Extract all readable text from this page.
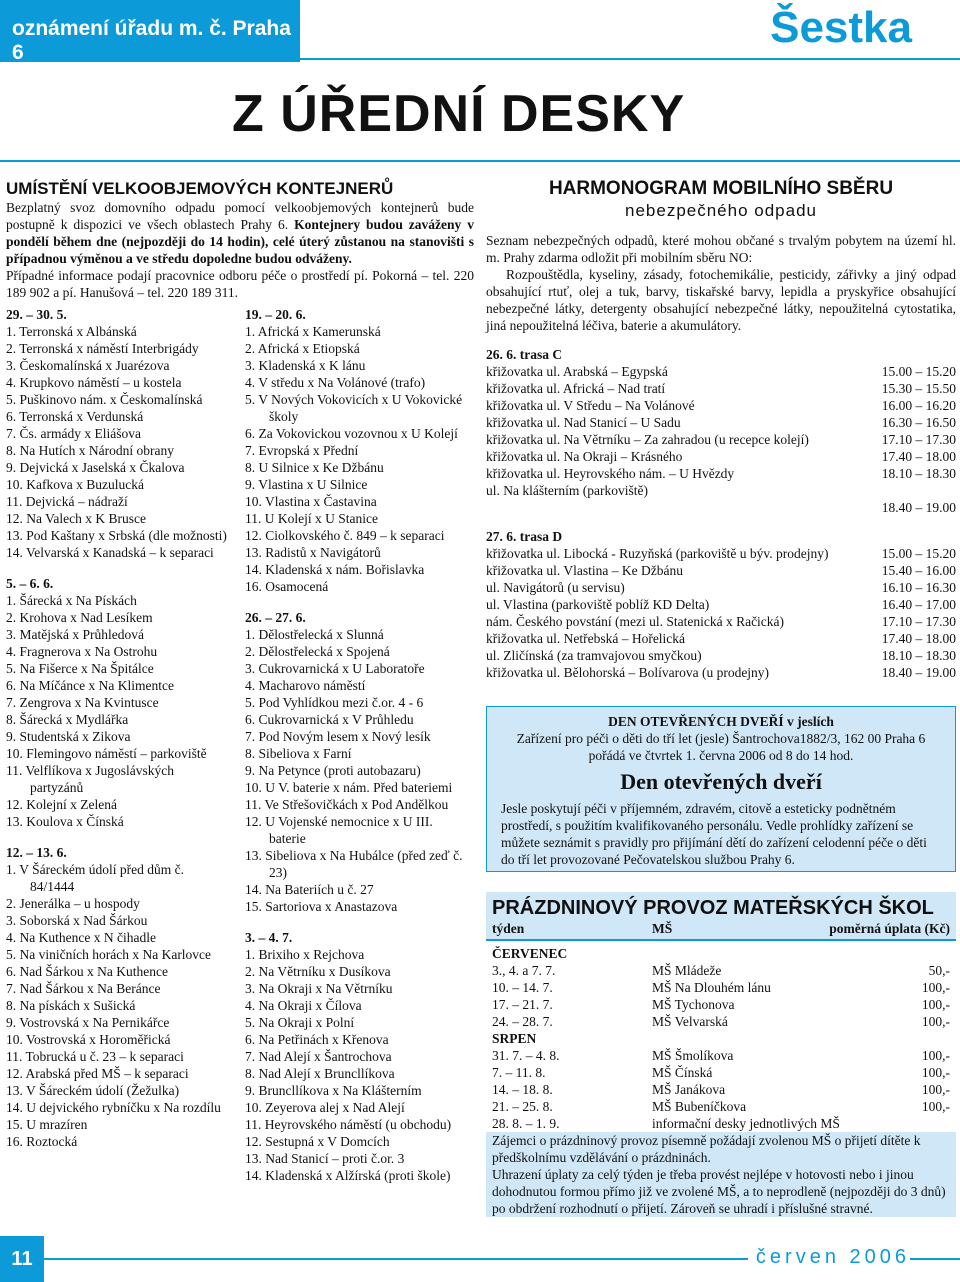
oznámení úřadu m. č. Praha 6
Šestka
Z ÚŘEDNÍ DESKY
UMÍSTĚNÍ VELKOOBJEMOVÝCH KONTEJNERŮ

Bezplatný svoz domovního odpadu pomocí velkoobjemových kontejnerů bude postupně k dispozici ve všech oblastech Prahy 6. Kontejnery budou zaváženy v pondělí během dne (nejpozději do 14 hodin), celé úterý zůstanou na stanovišti s případnou výměnou a ve středu dopoledne budou odváženy.

Případné informace podají pracovnice odboru péče o prostředí pí. Pokorná – tel. 220 189 902 a pí. Hanušová – tel. 220 189 311.

29. – 30. 5.
1. Terronská x Albánská
2. Terronská x náměstí Interbrigády
3. Českomalínská x Juarézova
4. Krupkovo náměstí – u kostela
5. Puškinovo nám. x Českomalínská
6. Terronská x Verdunská
7. Čs. armády x Eliášova
8. Na Hutích x Národní obrany
9. Dejvická x Jaselská x Čkalova
10. Kafkova x Buzulucká
11. Dejvická – nádraží
12. Na Valech x K Brusce
13. Pod Kaštany x Srbská (dle možnosti)
14. Velvarská x Kanadská – k separaci
5. – 6. 6.
1. Šárecká x Na Pískách
2. Krohova x Nad Lesíkem
3. Matějská x Průhledová
4. Fragnerova x Na Ostrohu
5. Na Fišerce x Na Špitálce
6. Na Míčánce x Na Klimentce
7. Zengrova x Na Kvintusce
8. Šárecká x Mydlářka
9. Studentská x Zikova
10. Flemingovo náměstí – parkoviště
11. Velflíkova x Jugoslávských partyzánů
12. Kolejní x Zelená
13. Koulova x Čínská
12. – 13. 6.
1. V Šáreckém údolí před dům č. 84/1444
2. Jenerálka – u hospody
3. Soborská x Nad Šárkou
4. Na Kuthence x N čihadle
5. Na viničních horách x Na Karlovce
6. Nad Šárkou x Na Kuthence
7. Nad Šárkou x Na Beránce
8. Na pískách x Sušická
9. Vostrovská x Na Pernikářce
10. Vostrovská x Horoměřická
11. Tobrucká u č. 23 – k separaci
12. Arabská před MŠ – k separaci
13. V Šáreckém údolí (Žežulka)
14. U dejvického rybníčku x Na rozdílu
15. U mrazíren
16. Roztocká
19. – 20. 6.
1. Africká x Kamerunská
2. Africká x Etiopská
3. Kladenská x K lánu
4. V středu x Na Volánové (trafo)
5. V Nových Vokovicích x U Vokovické školy
6. Za Vokovickou vozovnou x U Kolejí
7. Evropská x Přední
8. U Silnice x Ke Džbánu
9. Vlastina x U Silnice
10. Vlastina x Častavina
11. U Kolejí x U Stanice
12. Ciolkovského č. 849 – k separaci
13. Radistů x Navigátorů
14. Kladenská x nám. Bořislavka
16. Osamocená
26. – 27. 6.
1. Dělostřelecká x Slunná
2. Dělostřelecká x Spojená
3. Cukrovarnická x U Laboratoře
4. Macharovo náměstí
5. Pod Vyhlídkou mezi č.or. 4 - 6
6. Cukrovarnická x V Průhledu
7. Pod Novým lesem x Nový lesík
8. Sibeliova x Farní
9. Na Petynce (proti autobazaru)
10. U V. baterie x nám. Před bateriemi
11. Ve Střešovičkách x Pod Andělkou
12. U Vojenské nemocnice x U III. baterie
13. Sibeliova x Na Hubálce (před zeď č. 23)
14. Na Bateriích u č. 27
15. Sartoriova x Anastazova
3. – 4. 7.
1. Brixiho x Rejchova
2. Na Větrníku x Dusíkova
3. Na Okraji x Na Větrníku
4. Na Okraji x Čílova
5. Na Okraji x Polní
6. Na Petřinách x Křenova
7. Nad Alejí x Šantrochova
8. Nad Alejí x Bruncllíkova
9. Bruncllíkova x Na Klášterním
10. Zeyerova alej x Nad Alejí
11. Heyrovského náměstí (u obchodu)
12. Sestupná x V Domcích
13. Nad Stanicí – proti č.or. 3
14. Kladenská x Alžírská (proti škole)
HARMONOGRAM MOBILNÍHO SBĚRU
nebezpečného odpadu

Seznam nebezpečných odpadů, které mohou občané s trvalým pobytem na území hl. m. Prahy zdarma odložit při mobilním sběru NO:

Rozpouštědla, kyseliny, zásady, fotochemikálie, pesticidy, zářivky a jiný odpad obsahující rtuť, olej a tuk, barvy, tiskařské barvy, lepidla a pryskyřice obsahující nebezpečné látky, detergenty obsahující nebezpečné látky, nepoužitelná cytostatika, jiná nepoužitelná léčiva, baterie a akumulátory.

26. 6. trasa C
křižovatka ul. Arabská – Egypská	15.00 – 15.20
křižovatka ul. Africká – Nad tratí	15.30 – 15.50
křižovatka ul. V Středu – Na Volánové	16.00 – 16.20
křižovatka ul. Nad Stanicí – U Sadu	16.30 – 16.50
křižovatka ul. Na Větrníku – Za zahradou (u recepce kolejí)	17.10 – 17.30
křižovatka ul. Na Okraji – Krásného	17.40 – 18.00
křižovatka ul. Heyrovského nám. – U Hvězdy	18.10 – 18.30
ul. Na klášterním (parkoviště)	
	18.40 – 19.00
27. 6. trasa D
křižovatka ul. Libocká - Ruzyňská (parkoviště u býv. prodejny)	15.00 – 15.20
křižovatka ul. Vlastina – Ke Džbánu	15.40 – 16.00
ul. Navigátorů (u servisu)	16.10 – 16.30
ul. Vlastina (parkoviště poblíž KD Delta)	16.40 – 17.00
nám. Českého povstání (mezi ul. Statenická x Račická)	17.10 – 17.30
křižovatka ul. Netřebská – Hořelická	17.40 – 18.00
ul. Zličínská (za tramvajovou smyčkou)	18.10 – 18.30
křižovatka ul. Bělohorská – Bolívarova (u prodejny)	18.40 – 19.00
DEN OTEVŘENÝCH DVEŘÍ v jeslích
Zařízení pro péči o děti do tří let (jesle) Šantrochova1882/3, 162 00 Praha 6 pořádá ve čtvrtek 1. června 2006 od 8 do 14 hod.
Den otevřených dveří

Jesle poskytují péči v příjemném, zdravém, citově a esteticky podnětném prostředí, s použitím kvalifikovaného personálu. Vedle prohlídky zařízení se můžete seznámit s pravidly pro přijímání dětí do zařízení celodenní péče o děti do tří let provozované Pečovatelskou službou Prahy 6.

PRÁZDNINOVÝ PROVOZ MATEŘSKÝCH ŠKOL
týden	MŠ	poměrná úplata (Kč)
ČERVENEC
3., 4. a 7. 7.	MŠ Mládeže	50,-
10. – 14. 7.	MŠ Na Dlouhém lánu	100,-
17. – 21. 7.	MŠ Tychonova	100,-
24. – 28. 7.	MŠ Velvarská	100,-
SRPEN
31. 7. – 4. 8.	MŠ Šmolíkova	100,-
7. – 11. 8.	MŠ Čínská	100,-
14. – 18. 8.	MŠ Janákova	100,-
21. – 25. 8.	MŠ Bubeníčkova	100,-
28. 8. – 1. 9.	informační desky jednotlivých MŠ	

Zájemci o prázdninový provoz písemně požádají zvolenou MŠ o přijetí dítěte k předškolnímu vzdělávání o prázdninách.

Uhrazení úplaty za celý týden je třeba provést nejlépe v hotovosti nebo i jinou dohodnutou formou přímo již ve zvolené MŠ, a to neprodleně (nejpozději do 3 dnů) po obdržení rozhodnutí o přijetí. Zároveň se uhradí i příslušné stravné.

11	červen 2006
